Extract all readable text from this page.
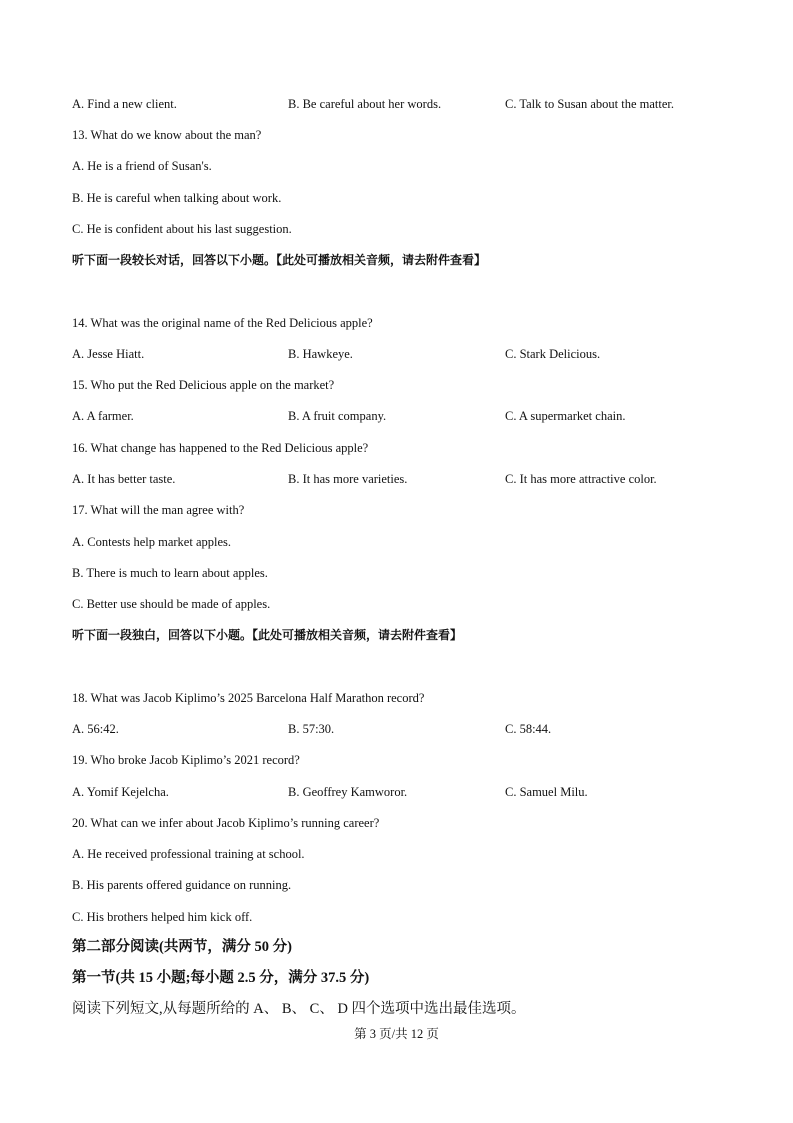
A. Find a new client.	B. Be careful about her words.	C. Talk to Susan about the matter.
13. What do we know about the man?
A. He is a friend of Susan's.
B. He is careful when talking about work.
C. He is confident about his last suggestion.
听下面一段较长对话，回答以下小题。【此处可播放相关音频，请去附件查看】
14. What was the original name of the Red Delicious apple?
A. Jesse Hiatt.	B. Hawkeye.	C. Stark Delicious.
15. Who put the Red Delicious apple on the market?
A. A farmer.	B. A fruit company.	C. A supermarket chain.
16. What change has happened to the Red Delicious apple?
A. It has better taste.	B. It has more varieties.	C. It has more attractive color.
17. What will the man agree with?
A. Contests help market apples.
B. There is much to learn about apples.
C. Better use should be made of apples.
听下面一段独白，回答以下小题。【此处可播放相关音频，请去附件查看】
18. What was Jacob Kiplimo’s 2025 Barcelona Half Marathon record?
A. 56:42.	B. 57:30.	C. 58:44.
19. Who broke Jacob Kiplimo’s 2021 record?
A. Yomif Kejelcha.	B. Geoffrey Kamworor.	C. Samuel Milu.
20. What can we infer about Jacob Kiplimo’s running career?
A. He received professional training at school.
B. His parents offered guidance on running.
C. His brothers helped him kick off.
第二部分阅读(共两节，满分 50 分)
第一节(共 15 小题;每小题 2.5 分，满分 37.5 分)
阅读下列短文,从每题所给的 A、 B、 C、 D 四个选项中选出最佳选项。
第 3 页/共 12 页
